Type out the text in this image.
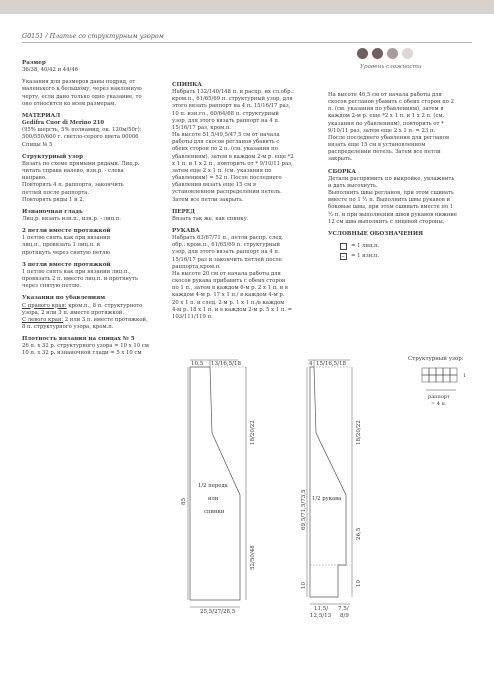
G0151 / Платье со структурным узором
Уровень сложности

Размер
36/38, 40/42 и 44/46

Указания для размеров даны подряд, от
маленького к большому, через наклонную
черту, если дано только одно указание, то
оно относится ко всем размерам.

МАТЕРИАЛ
Gedifra Cuor di Merino 210
(95% шерсть, 5% полиамид, ок. 120м/50г):
500/550/600 г. светло-серого цвета 00006
Спицы № 5

Структурный узор
Вязать по схеме прямыми рядами. Лиц.р.
читать справа налево, изн.р. - слева
направо.
Повторять 4 п. раппорта, закончить
петлей после раппорта.
Повторять ряды 1 и 2.

Изнаночная гладь
Лиц.р. вязать изн.п., изн.р. - лиц.п.

2 петли вместе протяжкой
1 петлю снять как при вязании
лиц.п., провязать 1 лиц.п. и
протянуть через снятую петлю

3 петли вместе протяжкой
1 петлю снять как при вязании лиц.п.,
провязать 2 п. вместе лиц.п. и протянуть
через снятую петлю.

Указания по убавлениям
С правого края: кром.п., 8 п. структурного
узора, 2 или 3 п. вместе протяжкой.
С левого края: 2 или 3 п. вместе протяжкой,
8 п. структурного узора, кром.п.

Плотность вязания на спицах № 5
26 п. х 32 р. структурного узора = 10 х 10 см
10 п. х 32 р. изнаночной глади = 5 х 10 см

СПИНКА
Набрать 132/140/148 п. и распр. их сл.обр.:
кром.п., 61/65/69 п. структурный узор, для
этого вязать раппорт на 4 п. 15/16/17 раз,
10 п. изн.гл., 60/64/68 п. структурный
узор, для этого вязать раппорт на 4 п.
15/16/17 раз, кром.п.
На высоте 51,5/49,5/47,5 см от начала
работы для скосов регланов убавить с
обеих сторон по 2 п. (см. указания по
убавлениям), затем в каждом 2-м р. еще *2
х 1 п. и 1 х 2 п., повторить от * 9/10/11 раз,
затем еще 2 х 1 п. (см. указания по
убавлениям) = 52 п. После последнего
убавления вязать еще 15 см в
установленном распределении петель.
Затем все петли закрыть.

ПЕРЕД
Вязать так же, как спинку.

РУКАВА
Набрать 63/67/71 п., петли распр. след.
обр.: кром.п., 61/65/69 п. структурный
узор, для этого вязать раппорт на 4 п.
15/16/17 раз и закончить петлей после
раппорта,кром.п.
На высоте 20 см от начала работы для
скосов рукава прибавить с обеих сторон
по 1 п., затем в каждом 6-м р. 2 х 1 п. и в
каждом 4-м р. 17 х 1 п./ в каждом 4-м р.
20 х 1 п. и след. 2-м р. 1 х 1 п./в каждом
4-м р. 18 х 1 п. и в каждом 2-м р. 5 х 1 п. =
103/111/119 п.

На высоте 46,5 см от начала работы для
скосов регланов убавить с обеих сторон по 2
п. (см. указания по убавлениям), затем в
каждом 2-м р. еще *2 х 1 п. и 1 х 2 п. (см.
указания по убавлениям), повторить от *
9/10/11 раз, затем еще 2 х 1 п. = 23 п.
После последнего убавления для регланов
вязать еще 15 см в установленном
распределении петель. Затем все петли
закрыть.

СБОРКА
Детали распрямить по выкройке, увлажнить
и дать высохнуть.
Выполнить швы регланов, при этом сшивать
вместе по 1 ½ п. Выполнить швы рукавов и
боковые швы, при этом сшивать вместе по 1
½ п. и при выполнении швов рукавов нижние
12 см шва выполнить с лицевой стороны.

УСЛОВНЫЕ ОБОЗНАЧЕНИЯ

= 1 лиц.п.
– = 1 изн.п.
10,5 13/16,5/18
1/2 переда
или
спинки
85
18/20/22
52/50/48
25,5/27/28,5
4 15/16,5/18
1/2 рукава
69,5/71,5/73,5
18/20/22
26,5
10
10
11,5/
12,5/13
7,5/
8/9
Структурный узор:
1
раппорт
= 4 п.
